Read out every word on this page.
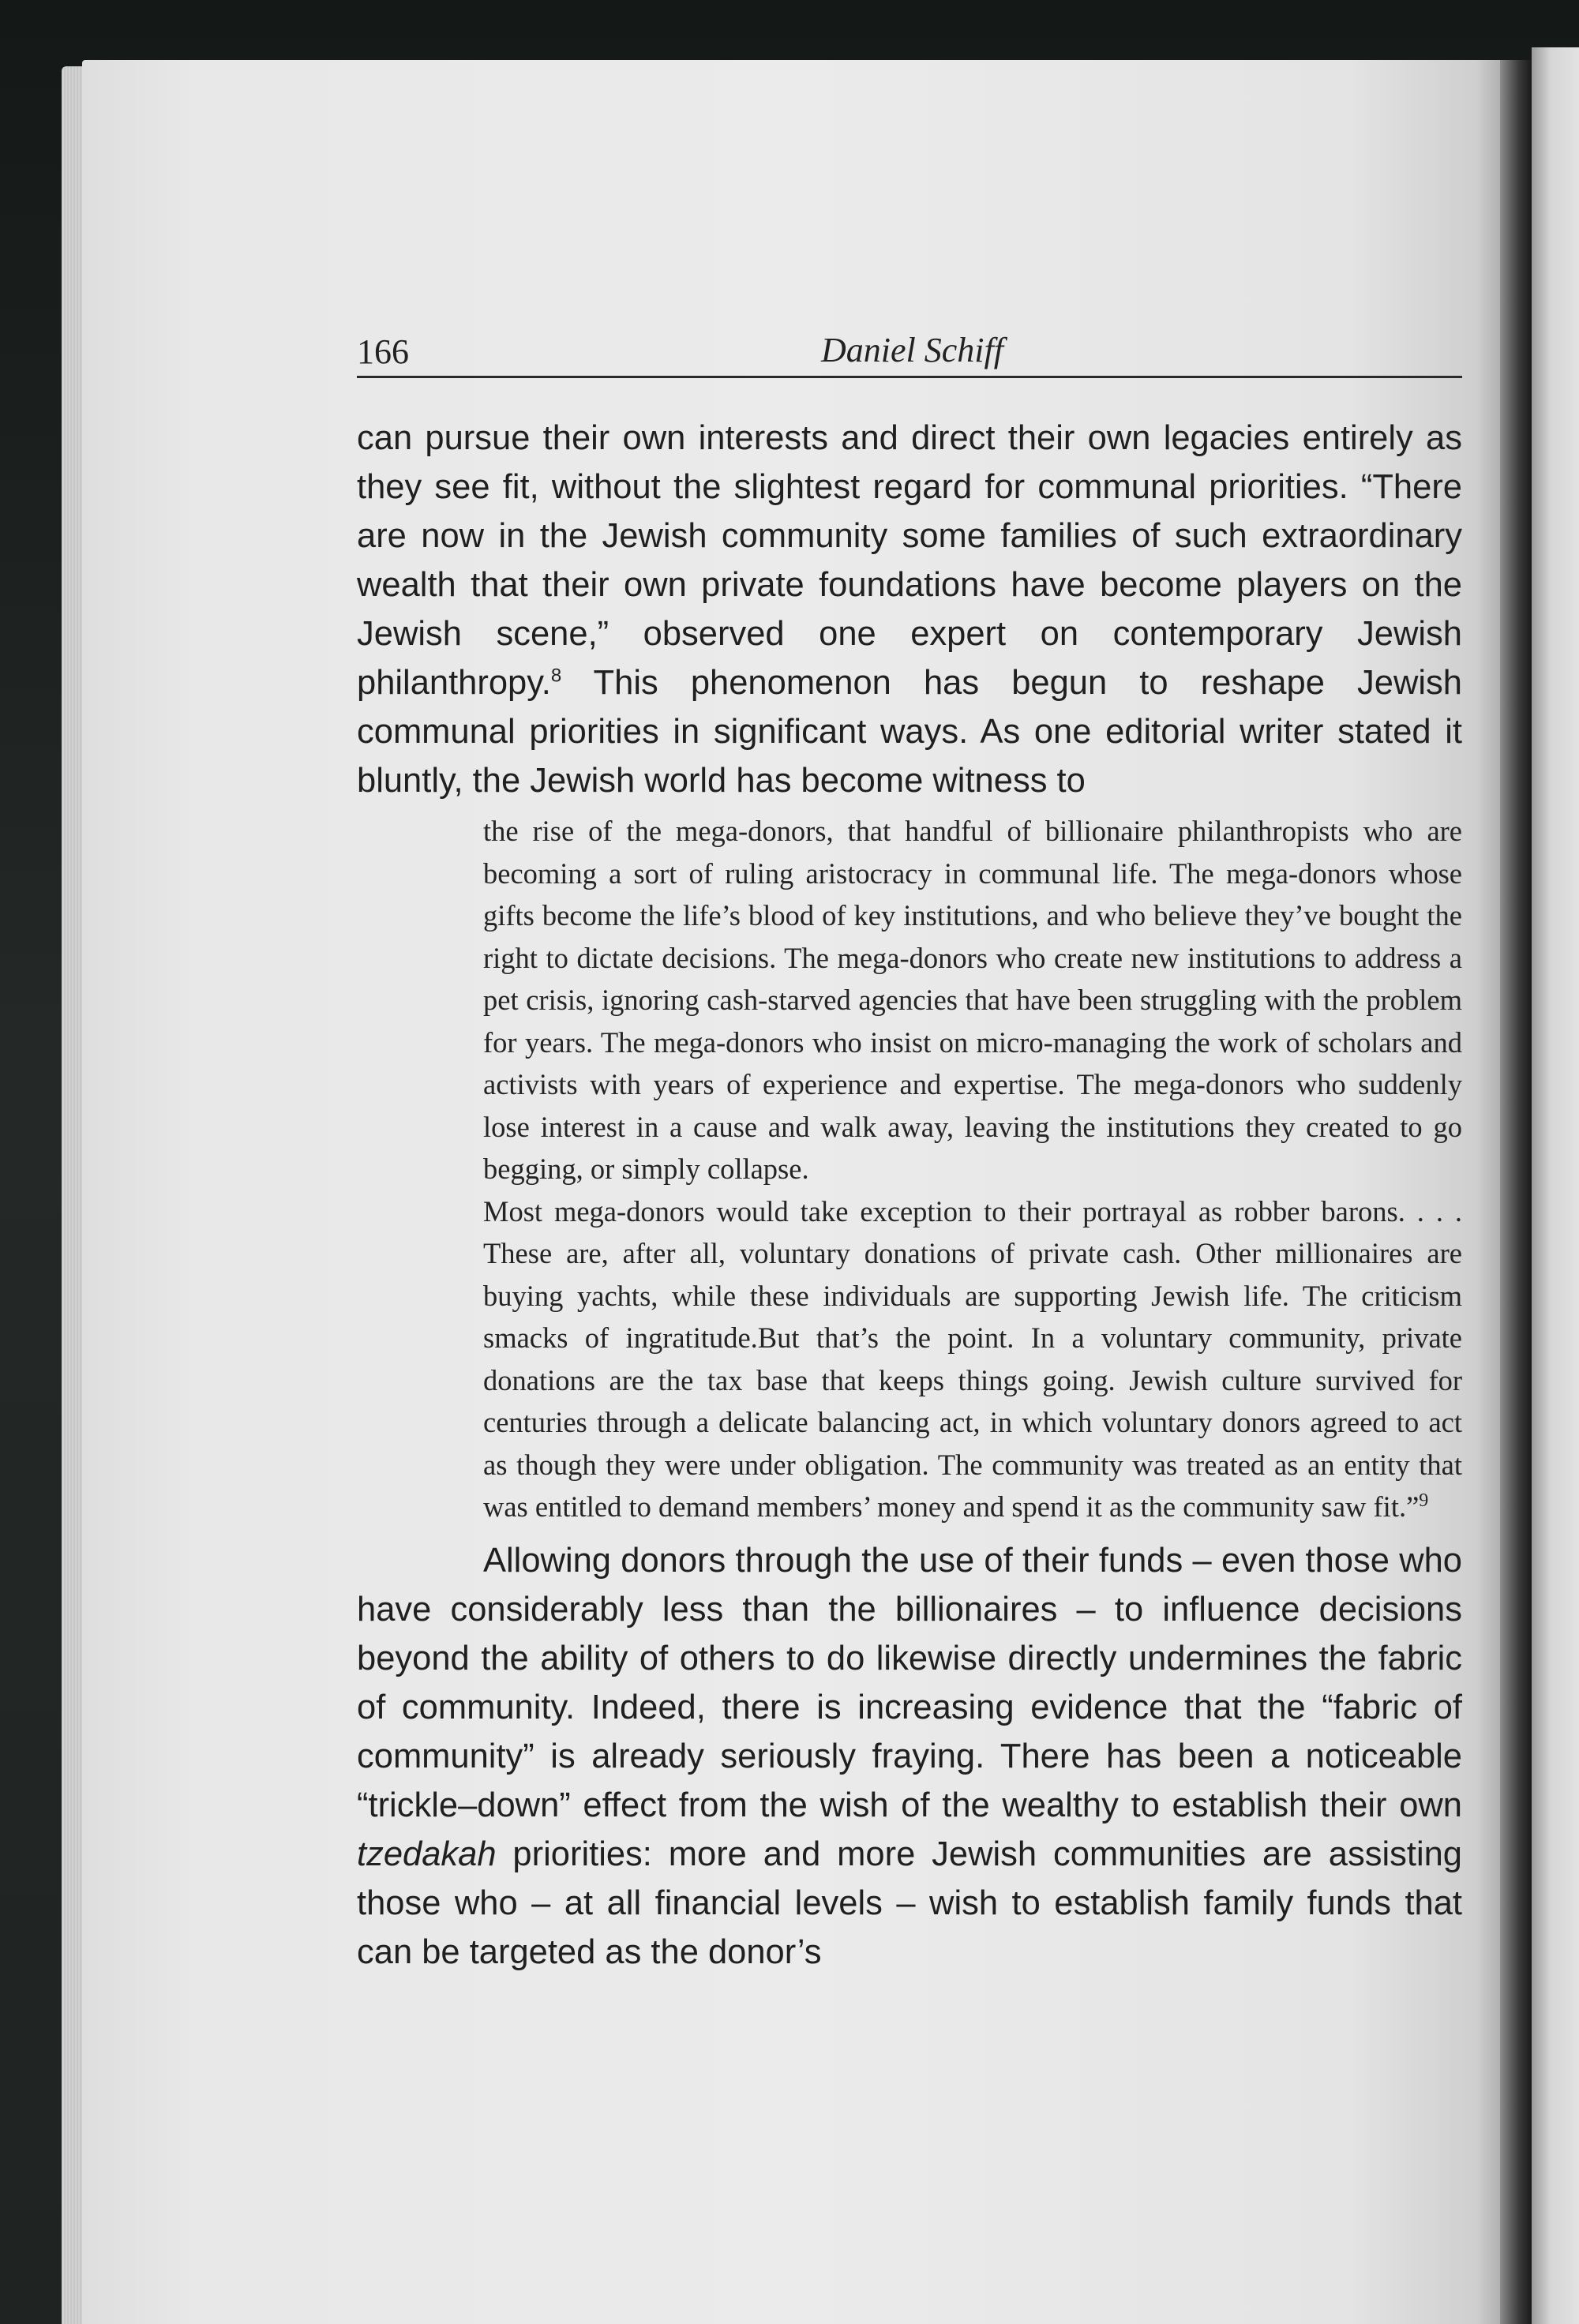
166	Daniel Schiff

can pursue their own interests and direct their own legacies entirely as they see fit, without the slightest regard for communal priorities. “There are now in the Jewish community some families of such extraordinary wealth that their own private foundations have become players on the Jewish scene,” observed one expert on contemporary Jewish philanthropy.$^8$ This phenomenon has begun to reshape Jewish communal priorities in significant ways. As one editorial writer stated it bluntly, the Jewish world has become witness to

the rise of the mega-donors, that handful of billionaire philanthropists who are becoming a sort of ruling aristocracy in communal life. The mega-donors whose gifts become the life’s blood of key institutions, and who believe they’ve bought the right to dictate decisions. The mega-donors who create new institutions to address a pet crisis, ignoring cash-starved agencies that have been struggling with the problem for years. The mega-donors who insist on micro-managing the work of scholars and activists with years of experience and expertise. The mega-donors who suddenly lose interest in a cause and walk away, leaving the institutions they created to go begging, or simply collapse.

Most mega-donors would take exception to their portrayal as robber barons. . . . These are, after all, voluntary donations of private cash. Other millionaires are buying yachts, while these individuals are supporting Jewish life. The criticism smacks of ingratitude.But that’s the point. In a voluntary community, private donations are the tax base that keeps things going. Jewish culture survived for centuries through a delicate balancing act, in which voluntary donors agreed to act as though they were under obligation. The community was treated as an entity that was entitled to demand members’ money and spend it as the community saw fit.”$^9$

Allowing donors through the use of their funds – even those who have considerably less than the billionaires – to influence decisions beyond the ability of others to do likewise directly undermines the fabric of community. Indeed, there is increasing evidence that the “fabric of community” is already seriously fraying. There has been a noticeable “trickle–down” effect from the wish of the wealthy to establish their own tzedakah priorities: more and more Jewish communities are assisting those who – at all financial levels – wish to establish family funds that can be targeted as the donor’s
